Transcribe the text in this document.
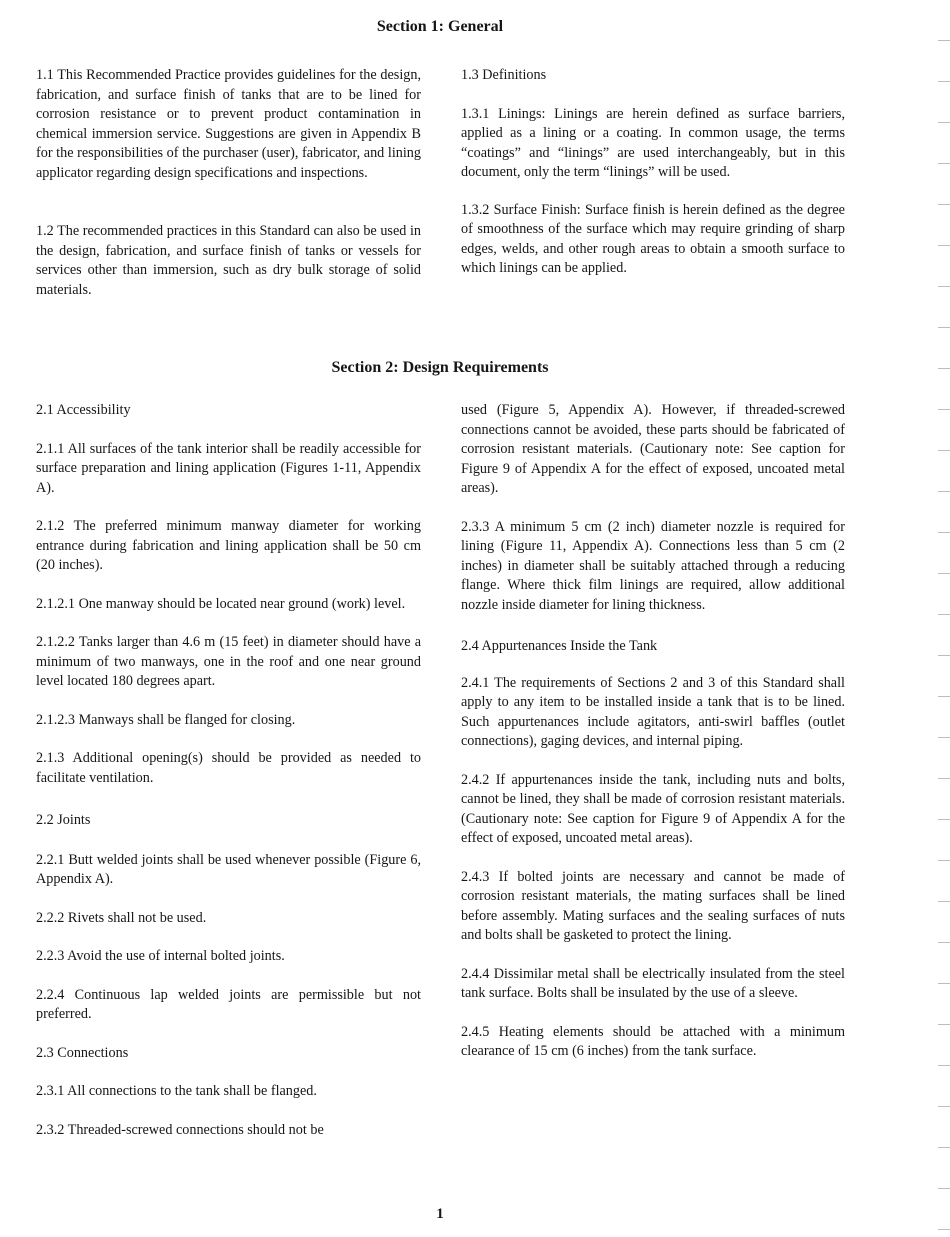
Section 1: General

1.1 This Recommended Practice provides guidelines for the design, fabrication, and surface finish of tanks that are to be lined for corrosion resistance or to prevent product contamination in chemical immersion service. Suggestions are given in Appendix B for the responsibilities of the purchaser (user), fabricator, and lining applicator regarding design specifications and inspections.

1.2 The recommended practices in this Standard can also be used in the design, fabrication, and surface finish of tanks or vessels for services other than immersion, such as dry bulk storage of solid materials.

1.3 Definitions

1.3.1 Linings: Linings are herein defined as surface barriers, applied as a lining or a coating. In common usage, the terms “coatings” and “linings” are used interchangeably, but in this document, only the term “linings” will be used.

1.3.2 Surface Finish: Surface finish is herein defined as the degree of smoothness of the surface which may require grinding of sharp edges, welds, and other rough areas to obtain a smooth surface to which linings can be applied.

Section 2: Design Requirements

2.1 Accessibility

2.1.1 All surfaces of the tank interior shall be readily accessible for surface preparation and lining application (Figures 1-11, Appendix A).

2.1.2 The preferred minimum manway diameter for working entrance during fabrication and lining application shall be 50 cm (20 inches).

2.1.2.1 One manway should be located near ground (work) level.

2.1.2.2 Tanks larger than 4.6 m (15 feet) in diameter should have a minimum of two manways, one in the roof and one near ground level located 180 degrees apart.

2.1.2.3 Manways shall be flanged for closing.

2.1.3 Additional opening(s) should be provided as needed to facilitate ventilation.

2.2 Joints

2.2.1 Butt welded joints shall be used whenever possible (Figure 6, Appendix A).

2.2.2 Rivets shall not be used.

2.2.3 Avoid the use of internal bolted joints.

2.2.4 Continuous lap welded joints are permissible but not preferred.

2.3 Connections

2.3.1 All connections to the tank shall be flanged.

2.3.2 Threaded-screwed connections should not be

used (Figure 5, Appendix A). However, if threaded-screwed connections cannot be avoided, these parts should be fabricated of corrosion resistant materials. (Cautionary note: See caption for Figure 9 of Appendix A for the effect of exposed, uncoated metal areas).

2.3.3 A minimum 5 cm (2 inch) diameter nozzle is required for lining (Figure 11, Appendix A). Connections less than 5 cm (2 inches) in diameter shall be suitably attached through a reducing flange. Where thick film linings are required, allow additional nozzle inside diameter for lining thickness.

2.4 Appurtenances Inside the Tank

2.4.1 The requirements of Sections 2 and 3 of this Standard shall apply to any item to be installed inside a tank that is to be lined. Such appurtenances include agitators, anti-swirl baffles (outlet connections), gaging devices, and internal piping.

2.4.2 If appurtenances inside the tank, including nuts and bolts, cannot be lined, they shall be made of corrosion resistant materials. (Cautionary note: See caption for Figure 9 of Appendix A for the effect of exposed, uncoated metal areas).

2.4.3 If bolted joints are necessary and cannot be made of corrosion resistant materials, the mating surfaces shall be lined before assembly. Mating surfaces and the sealing surfaces of nuts and bolts shall be gasketed to protect the lining.

2.4.4 Dissimilar metal shall be electrically insulated from the steel tank surface. Bolts shall be insulated by the use of a sleeve.

2.4.5 Heating elements should be attached with a minimum clearance of 15 cm (6 inches) from the tank surface.

1
